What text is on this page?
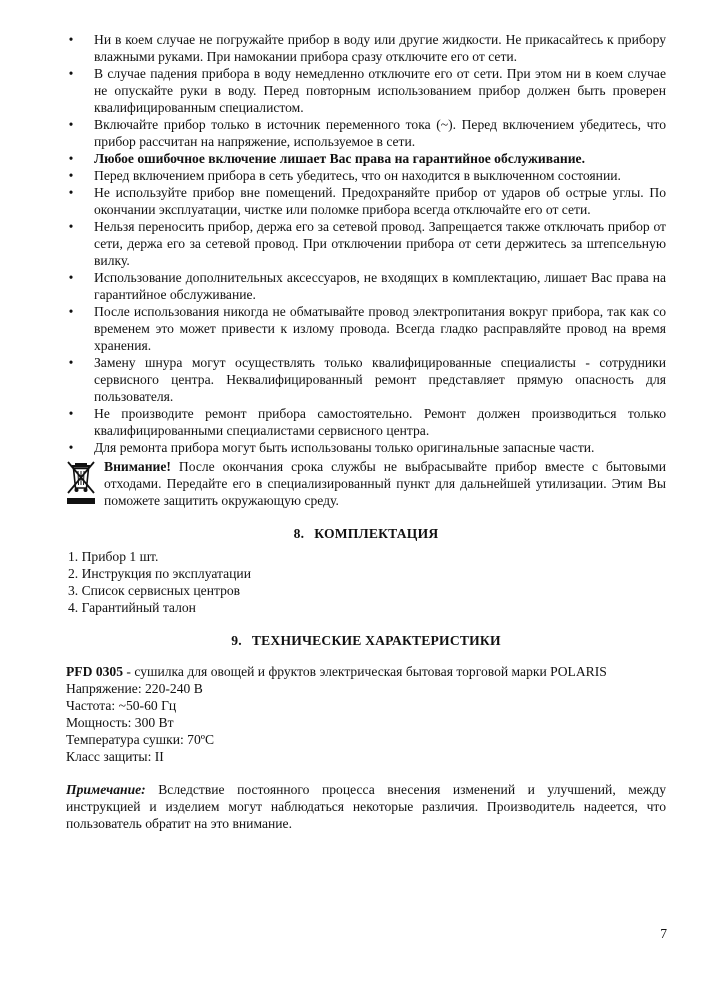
• Ни в коем случае не погружайте прибор в воду или другие жидкости. Не прикасайтесь к прибору влажными руками. При намокании прибора сразу отключите его от сети.
• В случае падения прибора в воду немедленно отключите его от сети. При этом ни в коем случае не опускайте руки в воду. Перед повторным использованием прибор должен быть проверен квалифицированным специалистом.
• Включайте прибор только в источник переменного тока (~). Перед включением убедитесь, что прибор рассчитан на напряжение, используемое в сети.
• Любое ошибочное включение лишает Вас права на гарантийное обслуживание.
• Перед включением прибора в сеть убедитесь, что он находится в выключенном состоянии.
• Не используйте прибор вне помещений. Предохраняйте прибор от ударов об острые углы. По окончании эксплуатации, чистке или поломке прибора всегда отключайте его от сети.
• Нельзя переносить прибор, держа его за сетевой провод. Запрещается также отключать прибор от сети, держа его за сетевой провод. При отключении прибора от сети держитесь за штепсельную вилку.
• Использование дополнительных аксессуаров, не входящих в комплектацию, лишает Вас права на гарантийное обслуживание.
• После использования никогда не обматывайте провод электропитания вокруг прибора, так как со временем это может привести к излому провода. Всегда гладко расправляйте провод на время хранения.
• Замену шнура могут осуществлять только квалифицированные специалисты - сотрудники сервисного центра. Неквалифицированный ремонт представляет прямую опасность для пользователя.
• Не производите ремонт прибора самостоятельно. Ремонт должен производиться только квалифицированными специалистами сервисного центра.
• Для ремонта прибора могут быть использованы только оригинальные запасные части.

Внимание! После окончания срока службы не выбрасывайте прибор вместе с бытовыми отходами. Передайте его в специализированный пункт для дальнейшей утилизации. Этим Вы поможете защитить окружающую среду.

8. КОМПЛЕКТАЦИЯ
1. Прибор 1 шт.
2. Инструкция по эксплуатации
3. Список сервисных центров
4. Гарантийный талон
9. ТЕХНИЧЕСКИЕ ХАРАКТЕРИСТИКИ
PFD 0305 - сушилка для овощей и фруктов электрическая бытовая торговой марки POLARIS
Напряжение: 220-240 В
Частота: ~50-60 Гц
Мощность: 300 Вт
Температура сушки: 70ºС
Класс защиты: II

Примечание: Вследствие постоянного процесса внесения изменений и улучшений, между инструкцией и изделием могут наблюдаться некоторые различия. Производитель надеется, что пользователь обратит на это внимание.

7
